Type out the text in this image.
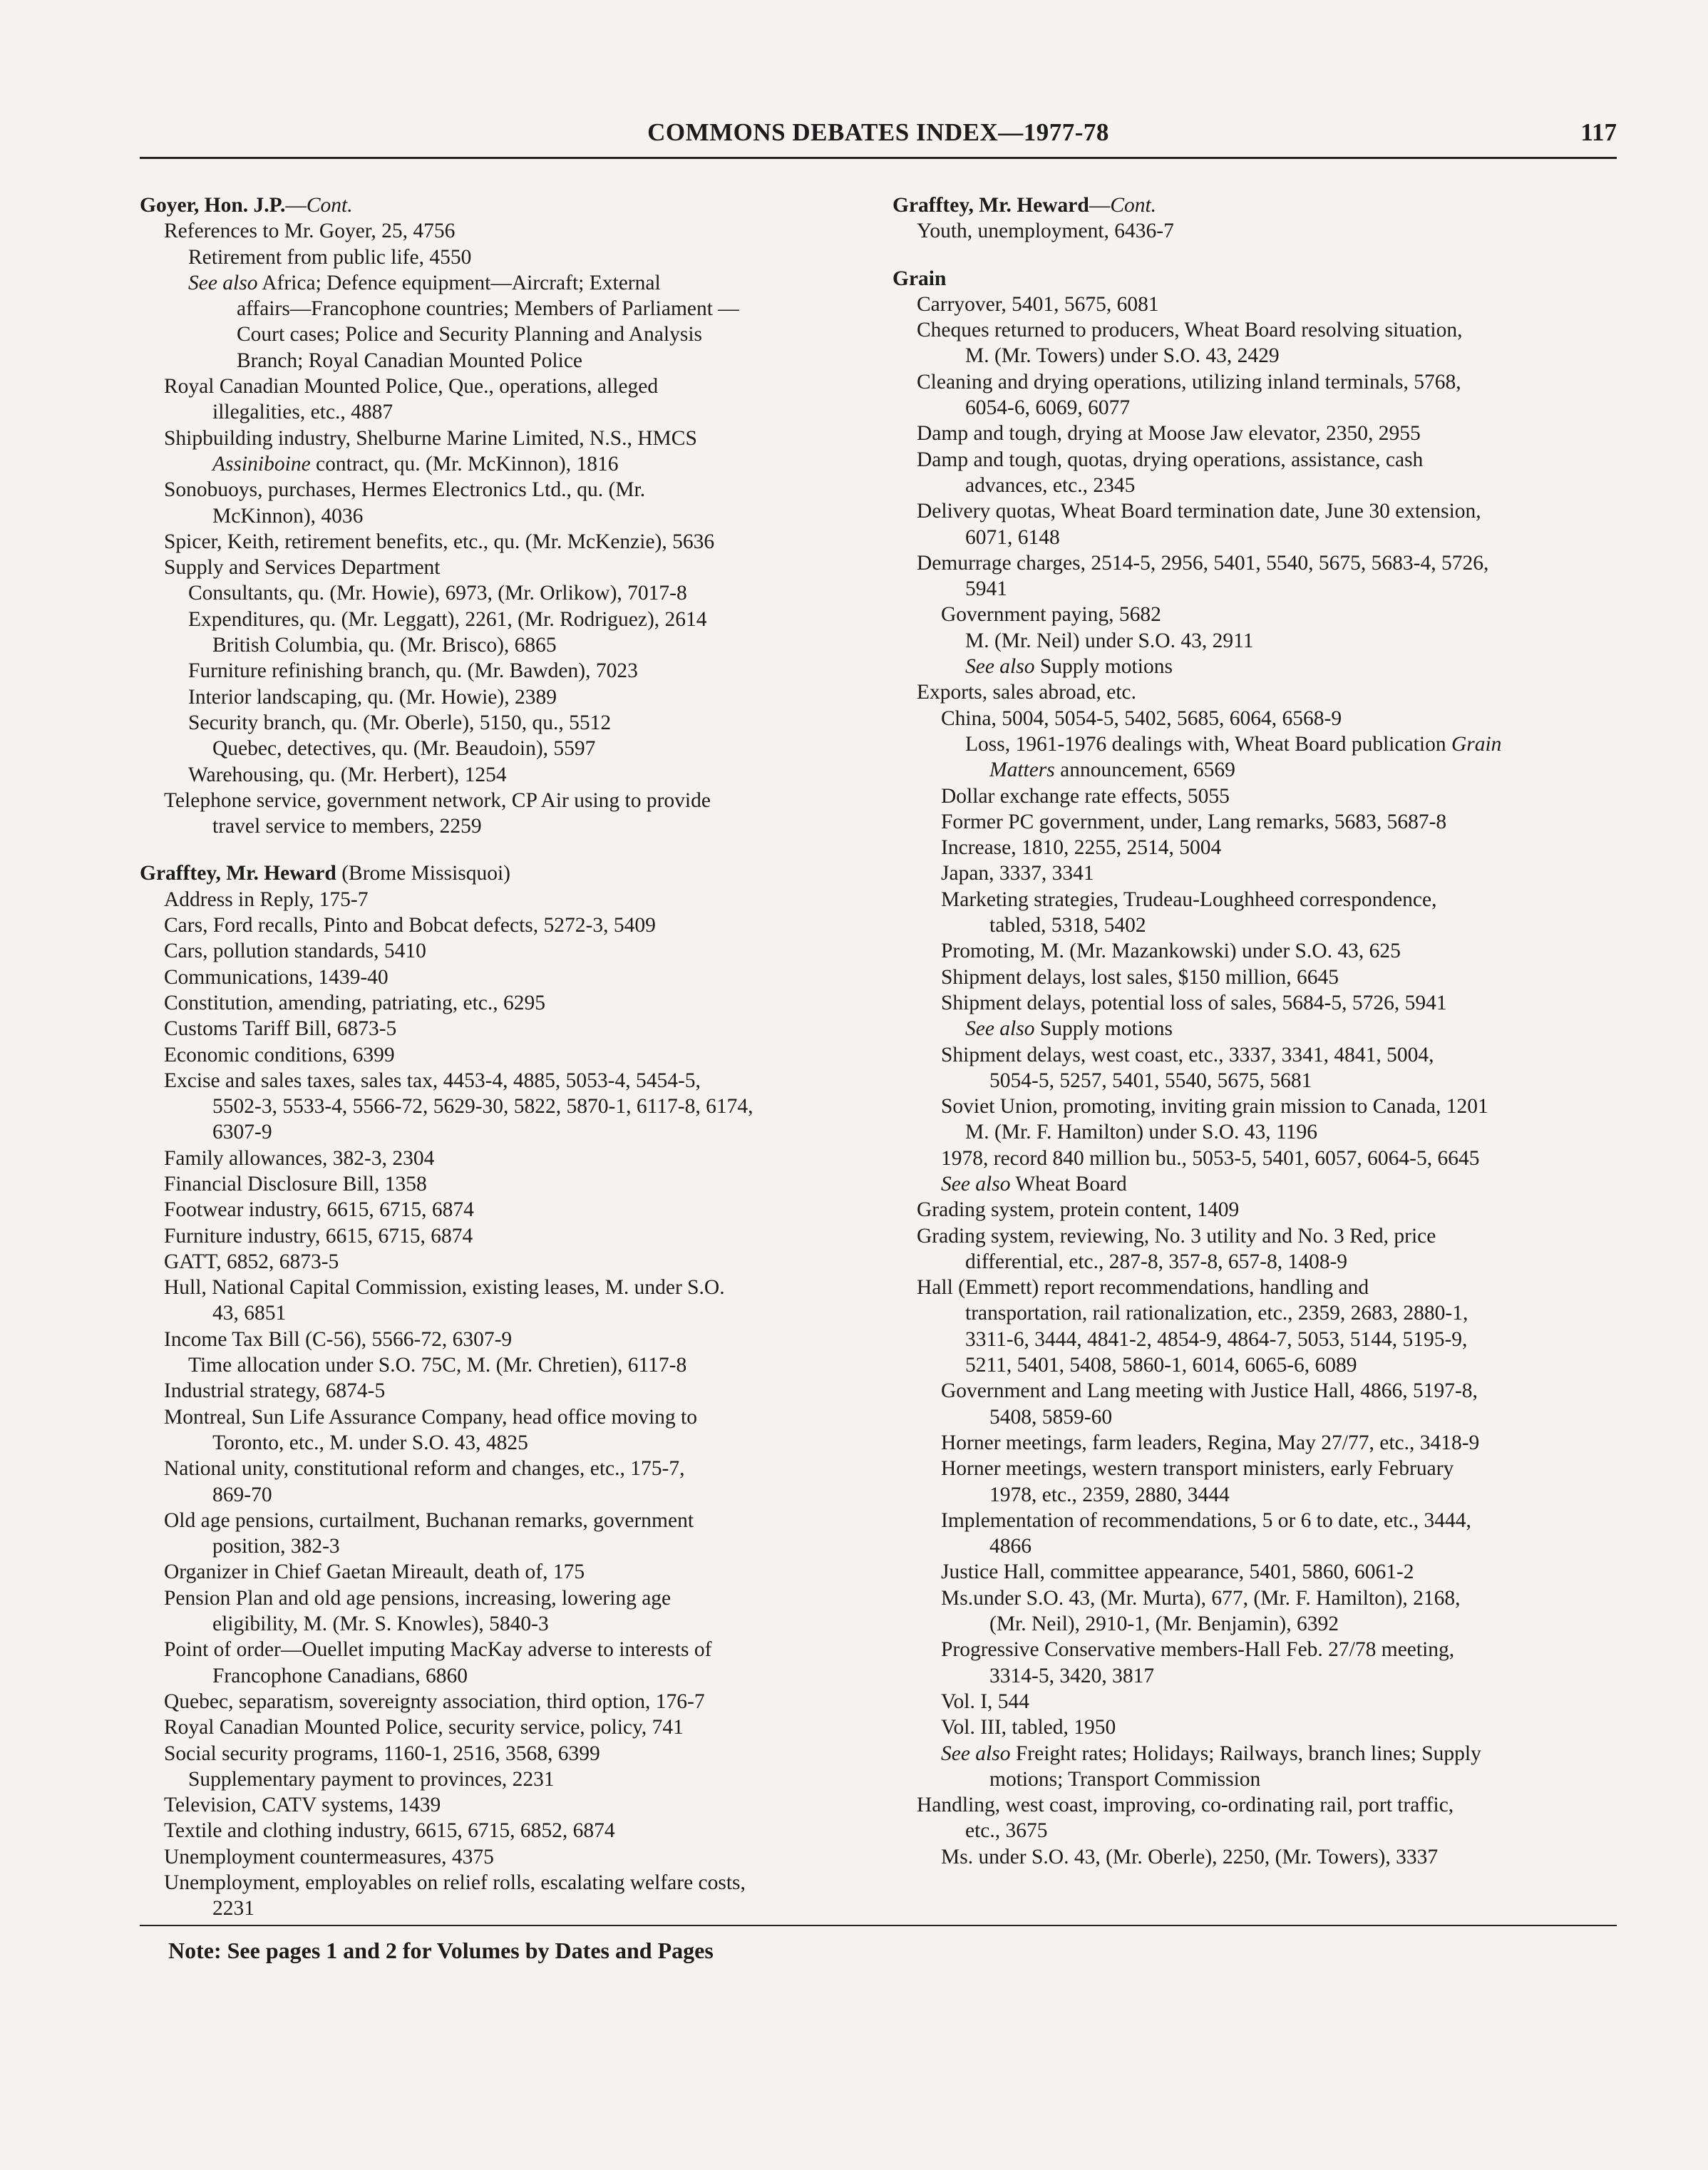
COMMONS DEBATES INDEX—1977-78	117
Goyer, Hon. J.P.—Cont.
References to Mr. Goyer, 25, 4756
Retirement from public life, 4550
See also Africa; Defence equipment—Aircraft; External
affairs—Francophone countries; Members of Parliament —
Court cases; Police and Security Planning and Analysis
Branch; Royal Canadian Mounted Police
Royal Canadian Mounted Police, Que., operations, alleged
illegalities, etc., 4887
Shipbuilding industry, Shelburne Marine Limited, N.S., HMCS
Assiniboine contract, qu. (Mr. McKinnon), 1816
Sonobuoys, purchases, Hermes Electronics Ltd., qu. (Mr.
McKinnon), 4036
Spicer, Keith, retirement benefits, etc., qu. (Mr. McKenzie), 5636
Supply and Services Department
Consultants, qu. (Mr. Howie), 6973, (Mr. Orlikow), 7017-8
Expenditures, qu. (Mr. Leggatt), 2261, (Mr. Rodriguez), 2614
British Columbia, qu. (Mr. Brisco), 6865
Furniture refinishing branch, qu. (Mr. Bawden), 7023
Interior landscaping, qu. (Mr. Howie), 2389
Security branch, qu. (Mr. Oberle), 5150, qu., 5512
Quebec, detectives, qu. (Mr. Beaudoin), 5597
Warehousing, qu. (Mr. Herbert), 1254
Telephone service, government network, CP Air using to provide
travel service to members, 2259
Grafftey, Mr. Heward (Brome Missisquoi)
Address in Reply, 175-7
Cars, Ford recalls, Pinto and Bobcat defects, 5272-3, 5409
Cars, pollution standards, 5410
Communications, 1439-40
Constitution, amending, patriating, etc., 6295
Customs Tariff Bill, 6873-5
Economic conditions, 6399
Excise and sales taxes, sales tax, 4453-4, 4885, 5053-4, 5454-5,
5502-3, 5533-4, 5566-72, 5629-30, 5822, 5870-1, 6117-8, 6174,
6307-9
Family allowances, 382-3, 2304
Financial Disclosure Bill, 1358
Footwear industry, 6615, 6715, 6874
Furniture industry, 6615, 6715, 6874
GATT, 6852, 6873-5
Hull, National Capital Commission, existing leases, M. under S.O.
43, 6851
Income Tax Bill (C-56), 5566-72, 6307-9
Time allocation under S.O. 75C, M. (Mr. Chretien), 6117-8
Industrial strategy, 6874-5
Montreal, Sun Life Assurance Company, head office moving to
Toronto, etc., M. under S.O. 43, 4825
National unity, constitutional reform and changes, etc., 175-7,
869-70
Old age pensions, curtailment, Buchanan remarks, government
position, 382-3
Organizer in Chief Gaetan Mireault, death of, 175
Pension Plan and old age pensions, increasing, lowering age
eligibility, M. (Mr. S. Knowles), 5840-3
Point of order—Ouellet imputing MacKay adverse to interests of
Francophone Canadians, 6860
Quebec, separatism, sovereignty association, third option, 176-7
Royal Canadian Mounted Police, security service, policy, 741
Social security programs, 1160-1, 2516, 3568, 6399
Supplementary payment to provinces, 2231
Television, CATV systems, 1439
Textile and clothing industry, 6615, 6715, 6852, 6874
Unemployment countermeasures, 4375
Unemployment, employables on relief rolls, escalating welfare costs,
2231
Grafftey, Mr. Heward—Cont.
Youth, unemployment, 6436-7
Grain
Carryover, 5401, 5675, 6081
Cheques returned to producers, Wheat Board resolving situation,
M. (Mr. Towers) under S.O. 43, 2429
Cleaning and drying operations, utilizing inland terminals, 5768,
6054-6, 6069, 6077
Damp and tough, drying at Moose Jaw elevator, 2350, 2955
Damp and tough, quotas, drying operations, assistance, cash
advances, etc., 2345
Delivery quotas, Wheat Board termination date, June 30 extension,
6071, 6148
Demurrage charges, 2514-5, 2956, 5401, 5540, 5675, 5683-4, 5726,
5941
Government paying, 5682
M. (Mr. Neil) under S.O. 43, 2911
See also Supply motions
Exports, sales abroad, etc.
China, 5004, 5054-5, 5402, 5685, 6064, 6568-9
Loss, 1961-1976 dealings with, Wheat Board publication Grain
Matters announcement, 6569
Dollar exchange rate effects, 5055
Former PC government, under, Lang remarks, 5683, 5687-8
Increase, 1810, 2255, 2514, 5004
Japan, 3337, 3341
Marketing strategies, Trudeau-Loughheed correspondence,
tabled, 5318, 5402
Promoting, M. (Mr. Mazankowski) under S.O. 43, 625
Shipment delays, lost sales, $150 million, 6645
Shipment delays, potential loss of sales, 5684-5, 5726, 5941
See also Supply motions
Shipment delays, west coast, etc., 3337, 3341, 4841, 5004,
5054-5, 5257, 5401, 5540, 5675, 5681
Soviet Union, promoting, inviting grain mission to Canada, 1201
M. (Mr. F. Hamilton) under S.O. 43, 1196
1978, record 840 million bu., 5053-5, 5401, 6057, 6064-5, 6645
See also Wheat Board
Grading system, protein content, 1409
Grading system, reviewing, No. 3 utility and No. 3 Red, price
differential, etc., 287-8, 357-8, 657-8, 1408-9
Hall (Emmett) report recommendations, handling and
transportation, rail rationalization, etc., 2359, 2683, 2880-1,
3311-6, 3444, 4841-2, 4854-9, 4864-7, 5053, 5144, 5195-9,
5211, 5401, 5408, 5860-1, 6014, 6065-6, 6089
Government and Lang meeting with Justice Hall, 4866, 5197-8,
5408, 5859-60
Horner meetings, farm leaders, Regina, May 27/77, etc., 3418-9
Horner meetings, western transport ministers, early February
1978, etc., 2359, 2880, 3444
Implementation of recommendations, 5 or 6 to date, etc., 3444,
4866
Justice Hall, committee appearance, 5401, 5860, 6061-2
Ms.under S.O. 43, (Mr. Murta), 677, (Mr. F. Hamilton), 2168,
(Mr. Neil), 2910-1, (Mr. Benjamin), 6392
Progressive Conservative members-Hall Feb. 27/78 meeting,
3314-5, 3420, 3817
Vol. I, 544
Vol. III, tabled, 1950
See also Freight rates; Holidays; Railways, branch lines; Supply
motions; Transport Commission
Handling, west coast, improving, co-ordinating rail, port traffic,
etc., 3675
Ms. under S.O. 43, (Mr. Oberle), 2250, (Mr. Towers), 3337
Note: See pages 1 and 2 for Volumes by Dates and Pages
